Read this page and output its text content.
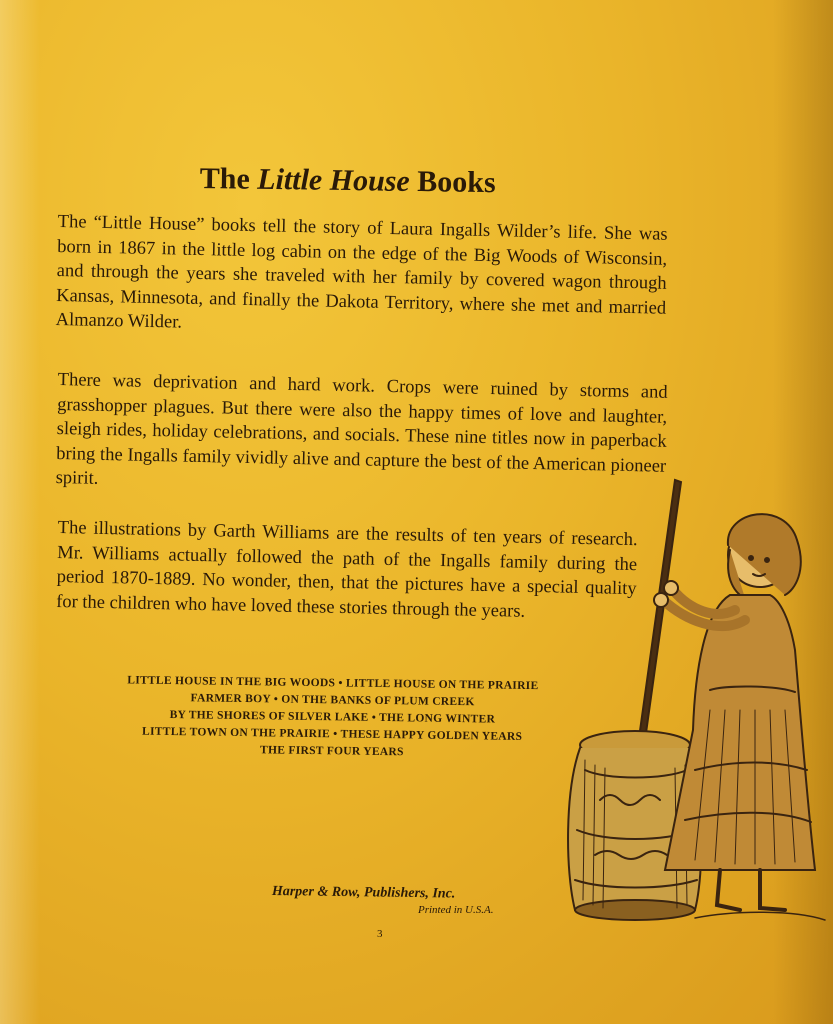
The Little House Books

The “Little House” books tell the story of Laura Ingalls Wilder’s life. She was born in 1867 in the little log cabin on the edge of the Big Woods of Wisconsin, and through the years she traveled with her family by covered wagon through Kansas, Minnesota, and finally the Dakota Territory, where she met and married Almanzo Wilder.

There was deprivation and hard work. Crops were ruined by storms and grasshopper plagues. But there were also the happy times of love and laughter, sleigh rides, holiday celebrations, and socials. These nine titles now in paperback bring the Ingalls family vividly alive and capture the best of the American pioneer spirit.

The illustrations by Garth Williams are the results of ten years of research. Mr. Williams actually followed the path of the Ingalls family during the period 1870-1889. No wonder, then, that the pictures have a special quality for the children who have loved these stories through the years.

LITTLE HOUSE IN THE BIG WOODS • LITTLE HOUSE ON THE PRAIRIE
FARMER BOY • ON THE BANKS OF PLUM CREEK
BY THE SHORES OF SILVER LAKE • THE LONG WINTER
LITTLE TOWN ON THE PRAIRIE • THESE HAPPY GOLDEN YEARS
THE FIRST FOUR YEARS
Harper & Row, Publishers, Inc.
Printed in U.S.A.
3
